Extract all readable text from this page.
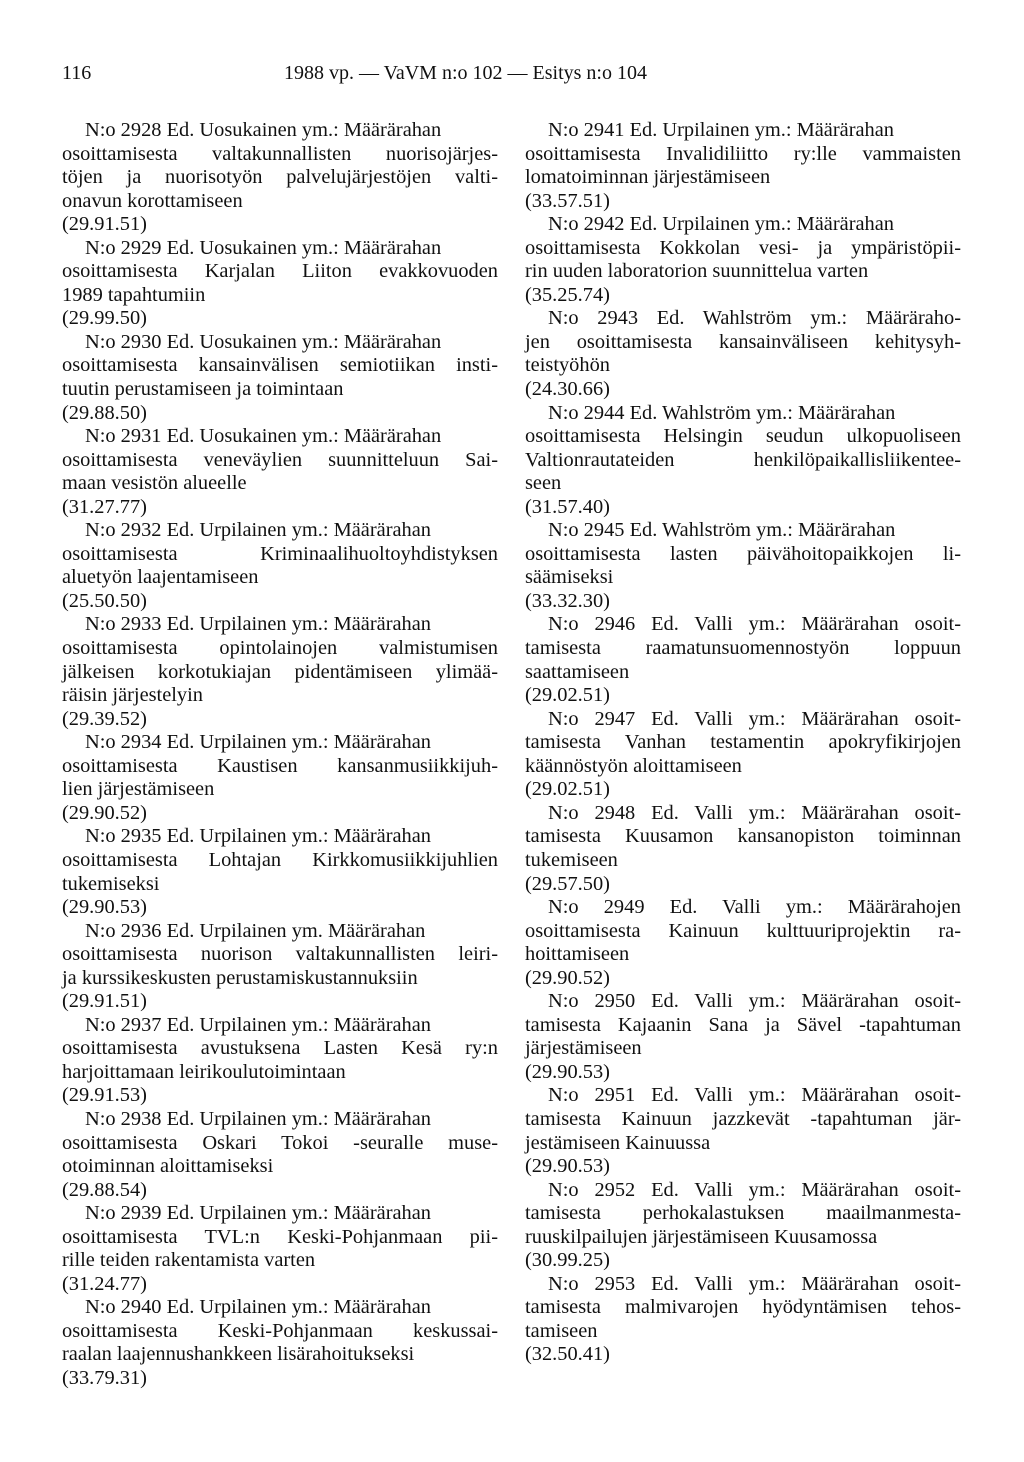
116	1988 vp. — VaVM n:o 102 — Esitys n:o 104
N:o 2928 Ed. Uosukainen ym.: Määrärahan
osoittamisesta valtakunnallisten nuorisojärjes-
töjen ja nuorisotyön palvelujärjestöjen valti-
onavun korottamiseen
(29.91.51)
N:o 2929 Ed. Uosukainen ym.: Määrärahan
osoittamisesta Karjalan Liiton evakkovuoden
1989 tapahtumiin
(29.99.50)
N:o 2930 Ed. Uosukainen ym.: Määrärahan
osoittamisesta kansainvälisen semiotiikan insti-
tuutin perustamiseen ja toimintaan
(29.88.50)
N:o 2931 Ed. Uosukainen ym.: Määrärahan
osoittamisesta veneväylien suunnitteluun Sai-
maan vesistön alueelle
(31.27.77)
N:o 2932 Ed. Urpilainen ym.: Määrärahan
osoittamisesta Kriminaalihuoltoyhdistyksen
aluetyön laajentamiseen
(25.50.50)
N:o 2933 Ed. Urpilainen ym.: Määrärahan
osoittamisesta opintolainojen valmistumisen
jälkeisen korkotukiajan pidentämiseen ylimää-
räisin järjestelyin
(29.39.52)
N:o 2934 Ed. Urpilainen ym.: Määrärahan
osoittamisesta Kaustisen kansanmusiikkijuh-
lien järjestämiseen
(29.90.52)
N:o 2935 Ed. Urpilainen ym.: Määrärahan
osoittamisesta Lohtajan Kirkkomusiikkijuhlien
tukemiseksi
(29.90.53)
N:o 2936 Ed. Urpilainen ym. Määrärahan
osoittamisesta nuorison valtakunnallisten leiri-
ja kurssikeskusten perustamiskustannuksiin
(29.91.51)
N:o 2937 Ed. Urpilainen ym.: Määrärahan
osoittamisesta avustuksena Lasten Kesä ry:n
harjoittamaan leirikoulutoimintaan
(29.91.53)
N:o 2938 Ed. Urpilainen ym.: Määrärahan
osoittamisesta Oskari Tokoi -seuralle muse-
otoiminnan aloittamiseksi
(29.88.54)
N:o 2939 Ed. Urpilainen ym.: Määrärahan
osoittamisesta TVL:n Keski-Pohjanmaan pii-
rille teiden rakentamista varten
(31.24.77)
N:o 2940 Ed. Urpilainen ym.: Määrärahan
osoittamisesta Keski-Pohjanmaan keskussai-
raalan laajennushankkeen lisärahoitukseksi
(33.79.31)
N:o 2941 Ed. Urpilainen ym.: Määrärahan
osoittamisesta Invalidiliitto ry:lle vammaisten
lomatoiminnan järjestämiseen
(33.57.51)
N:o 2942 Ed. Urpilainen ym.: Määrärahan
osoittamisesta Kokkolan vesi- ja ympäristöpii-
rin uuden laboratorion suunnittelua varten
(35.25.74)
N:o 2943 Ed. Wahlström ym.: Määräraho-
jen osoittamisesta kansainväliseen kehitysyh-
teistyöhön
(24.30.66)
N:o 2944 Ed. Wahlström ym.: Määrärahan
osoittamisesta Helsingin seudun ulkopuoliseen
Valtionrautateiden henkilöpaikallisliikentee-
seen
(31.57.40)
N:o 2945 Ed. Wahlström ym.: Määrärahan
osoittamisesta lasten päivähoitopaikkojen li-
säämiseksi
(33.32.30)
N:o 2946 Ed. Valli ym.: Määrärahan osoit-
tamisesta raamatunsuomennostyön loppuun
saattamiseen
(29.02.51)
N:o 2947 Ed. Valli ym.: Määrärahan osoit-
tamisesta Vanhan testamentin apokryfikirjojen
käännöstyön aloittamiseen
(29.02.51)
N:o 2948 Ed. Valli ym.: Määrärahan osoit-
tamisesta Kuusamon kansanopiston toiminnan
tukemiseen
(29.57.50)
N:o 2949 Ed. Valli ym.: Määrärahojen
osoittamisesta Kainuun kulttuuriprojektin ra-
hoittamiseen
(29.90.52)
N:o 2950 Ed. Valli ym.: Määrärahan osoit-
tamisesta Kajaanin Sana ja Sävel -tapahtuman
järjestämiseen
(29.90.53)
N:o 2951 Ed. Valli ym.: Määrärahan osoit-
tamisesta Kainuun jazzkevät -tapahtuman jär-
jestämiseen Kainuussa
(29.90.53)
N:o 2952 Ed. Valli ym.: Määrärahan osoit-
tamisesta perhokalastuksen maailmanmesta-
ruuskilpailujen järjestämiseen Kuusamossa
(30.99.25)
N:o 2953 Ed. Valli ym.: Määrärahan osoit-
tamisesta malmivarojen hyödyntämisen tehos-
tamiseen
(32.50.41)
